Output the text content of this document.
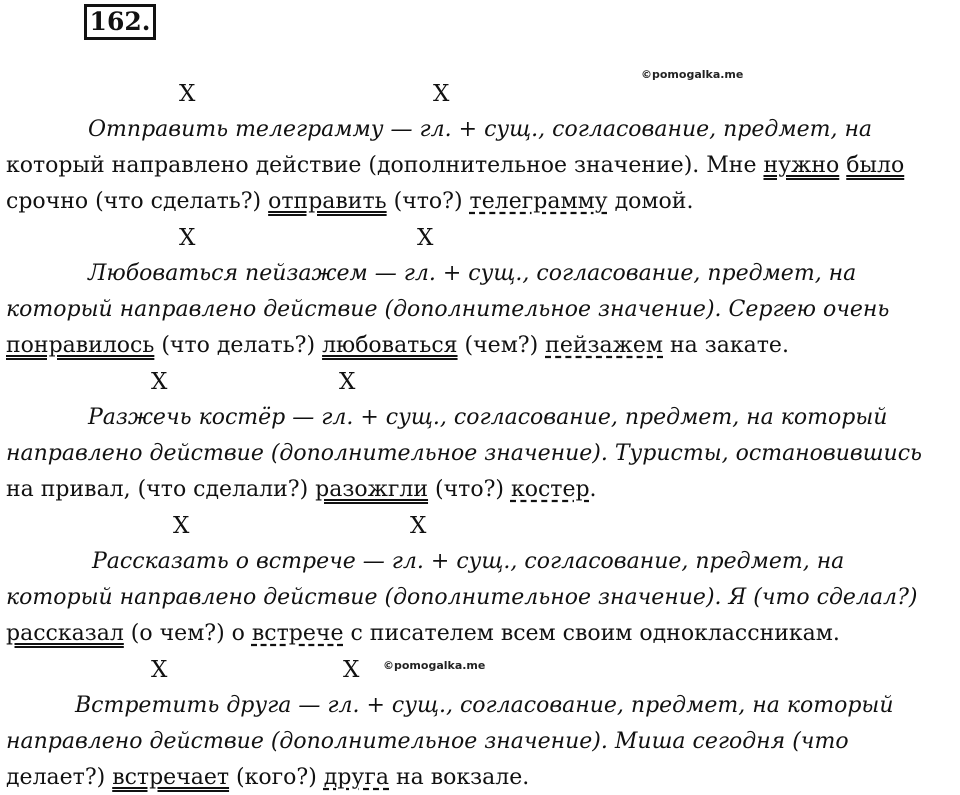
162.
©pomogalka.me
©pomogalka.me
X	X
Отправить телеграмму — гл. + сущ., согласование, предмет, на
который направлено действие (дополнительное значение). Мне нужно было
срочно (что сделать?) отправить (что?) телеграмму домой.
X	X
Любоваться пейзажем — гл. + сущ., согласование, предмет, на
который направлено действие (дополнительное значение). Сергею очень
понравилось (что делать?) любоваться (чем?) пейзажем на закате.
X	X
Разжечь костёр — гл. + сущ., согласование, предмет, на который
направлено действие (дополнительное значение). Туристы, остановившись
на привал, (что сделали?) разожгли (что?) костер.
X	X
Рассказать о встрече — гл. + сущ., согласование, предмет, на
который направлено действие (дополнительное значение). Я (что сделал?)
рассказал (о чем?) о встрече с писателем всем своим одноклассникам.
X	X
Встретить друга — гл. + сущ., согласование, предмет, на который
направлено действие (дополнительное значение). Миша сегодня (что
делает?) встречает (кого?) друга на вокзале.
